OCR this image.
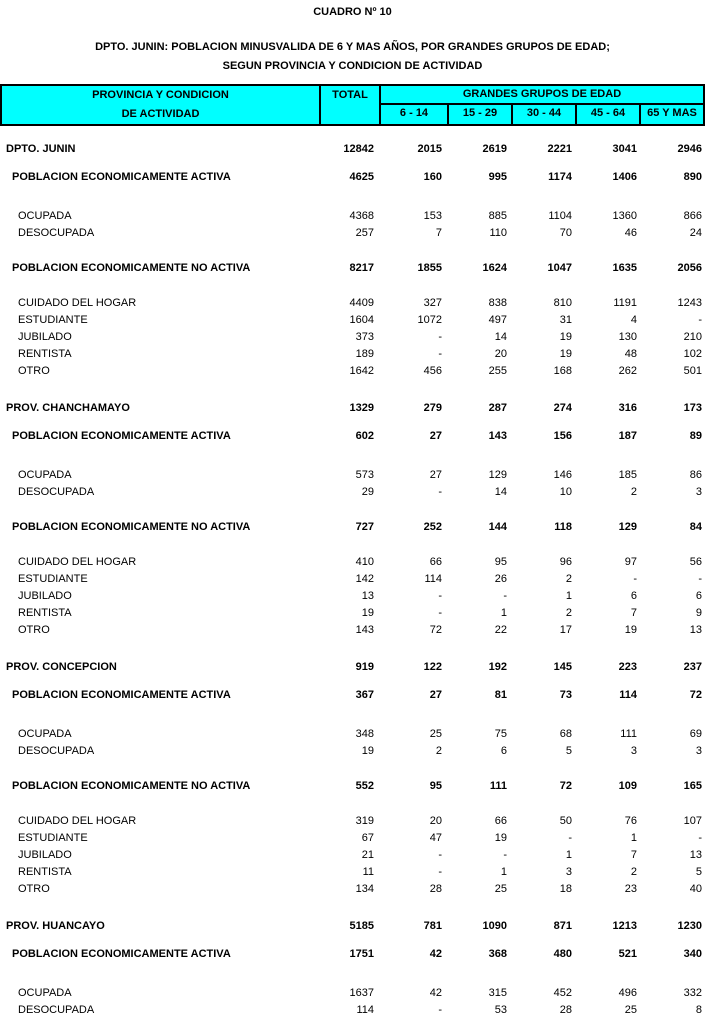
CUADRO Nº 10
DPTO. JUNIN: POBLACION MINUSVALIDA DE 6 Y MAS AÑOS, POR GRANDES GRUPOS DE EDAD;
SEGUN PROVINCIA Y CONDICION DE ACTIVIDAD
PROVINCIA Y CONDICION
DE ACTIVIDAD
TOTAL	GRANDES GRUPOS DE EDAD
6 - 14	15 - 29	30 - 44	45 - 64	65 Y MAS
DPTO. JUNIN	12842	2015	2619	2221	3041	2946
POBLACION ECONOMICAMENTE ACTIVA	4625	160	995	1174	1406	890
OCUPADA	4368	153	885	1104	1360	866
DESOCUPADA	257	7	110	70	46	24
POBLACION ECONOMICAMENTE NO ACTIVA	8217	1855	1624	1047	1635	2056
CUIDADO DEL HOGAR	4409	327	838	810	1191	1243
ESTUDIANTE	1604	1072	497	31	4	-
JUBILADO	373	-	14	19	130	210
RENTISTA	189	-	20	19	48	102
OTRO	1642	456	255	168	262	501
PROV. CHANCHAMAYO	1329	279	287	274	316	173
POBLACION ECONOMICAMENTE ACTIVA	602	27	143	156	187	89
OCUPADA	573	27	129	146	185	86
DESOCUPADA	29	-	14	10	2	3
POBLACION ECONOMICAMENTE NO ACTIVA	727	252	144	118	129	84
CUIDADO DEL HOGAR	410	66	95	96	97	56
ESTUDIANTE	142	114	26	2	-	-
JUBILADO	13	-	-	1	6	6
RENTISTA	19	-	1	2	7	9
OTRO	143	72	22	17	19	13
PROV. CONCEPCION	919	122	192	145	223	237
POBLACION ECONOMICAMENTE ACTIVA	367	27	81	73	114	72
OCUPADA	348	25	75	68	111	69
DESOCUPADA	19	2	6	5	3	3
POBLACION ECONOMICAMENTE NO ACTIVA	552	95	111	72	109	165
CUIDADO DEL HOGAR	319	20	66	50	76	107
ESTUDIANTE	67	47	19	-	1	-
JUBILADO	21	-	-	1	7	13
RENTISTA	11	-	1	3	2	5
OTRO	134	28	25	18	23	40
PROV. HUANCAYO	5185	781	1090	871	1213	1230
POBLACION ECONOMICAMENTE ACTIVA	1751	42	368	480	521	340
OCUPADA	1637	42	315	452	496	332
DESOCUPADA	114	-	53	28	25	8
